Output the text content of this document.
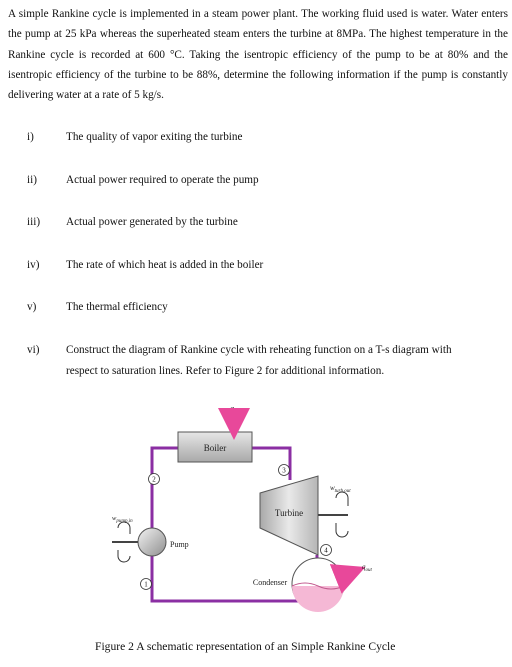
A simple Rankine cycle is implemented in a steam power plant. The working fluid used is water. Water enters the pump at 25 kPa whereas the superheated steam enters the turbine at 8MPa. The highest temperature in the Rankine cycle is recorded at 600 °C. Taking the isentropic efficiency of the pump to be at 80% and the isentropic efficiency of the turbine to be 88%, determine the following information if the pump is constantly delivering water at a rate of 5 kg/s.

i)	The quality of vapor exiting the turbine
ii)	Actual power required to operate the pump
iii) Actual power generated by the turbine
iv) The rate of which heat is added in the boiler
v)	The thermal efficiency
vi) Construct the diagram of Rankine cycle with reheating function on a T-s diagram with respect to saturation lines. Refer to Figure 2 for additional information.
Boiler
$q_{in}$
Turbine
$w_{turb,out}$
Pump
$w_{pump,in}$
Condenser
$q_{out}$
2
3
4
1
Figure 2 A schematic representation of an Simple Rankine Cycle
